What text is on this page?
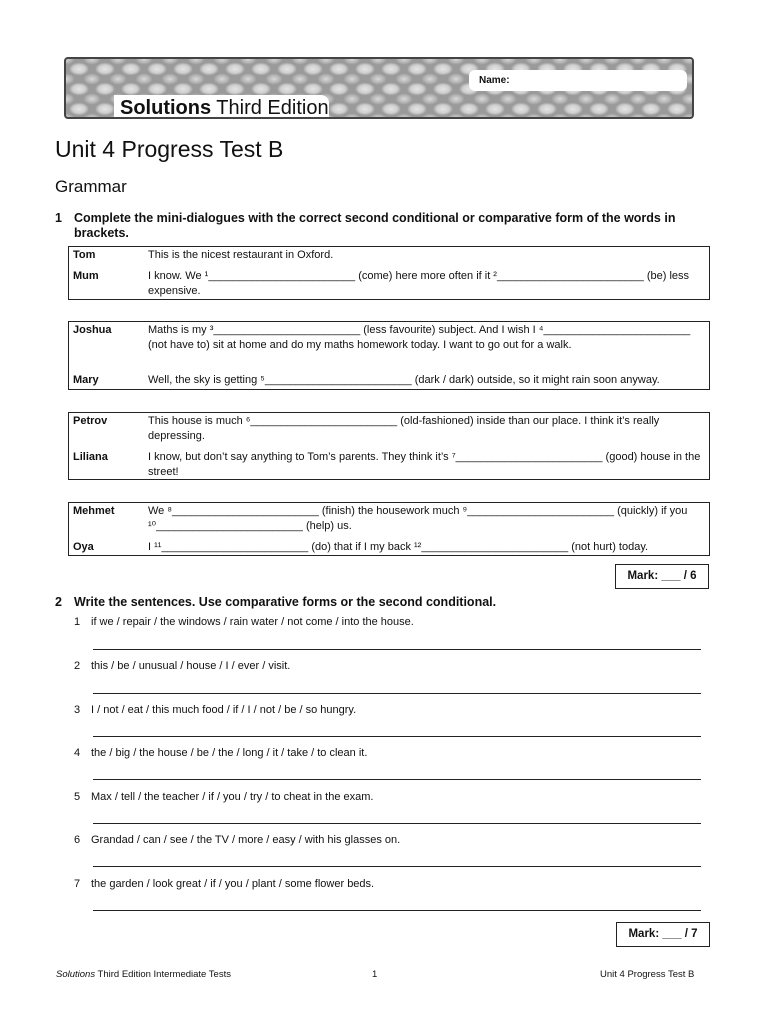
Name:
Solutions Third Edition
Unit 4 Progress Test B
Grammar
1 Complete the mini-dialogues with the correct second conditional or comparative form of the words in brackets.
Tom	This is the nicest restaurant in Oxford.
Mum	I know. We ¹________________________ (come) here more often if it ²________________________ (be) less expensive.
Joshua	Maths is my ³________________________ (less favourite) subject. And I wish I ⁴________________________ (not have to) sit at home and do my maths homework today. I want to go out for a walk.
Mary	Well, the sky is getting ⁵________________________ (dark / dark) outside, so it might rain soon anyway.
Petrov	This house is much ⁶________________________ (old-fashioned) inside than our place. I think it’s really depressing.
Liliana	I know, but don’t say anything to Tom’s parents. They think it’s ⁷________________________ (good) house in the street!
Mehmet	We ⁸________________________ (finish) the housework much ⁹________________________ (quickly) if you ¹⁰________________________ (help) us.
Oya	I ¹¹________________________ (do) that if I my back ¹²________________________ (not hurt) today.
Mark: ___ / 6
2 Write the sentences. Use comparative forms or the second conditional.
1 if we / repair / the windows / rain water / not come / into the house.
2 this / be / unusual / house / I / ever / visit.
3 I / not / eat / this much food / if / I / not / be / so hungry.
4 the / big / the house / be / the / long / it / take / to clean it.
5 Max / tell / the teacher / if / you / try / to cheat in the exam.
6 Grandad / can / see / the TV / more / easy / with his glasses on.
7 the garden / look great / if / you / plant / some flower beds.
Mark: ___ / 7
Solutions Third Edition Intermediate Tests	1	Unit 4 Progress Test B
